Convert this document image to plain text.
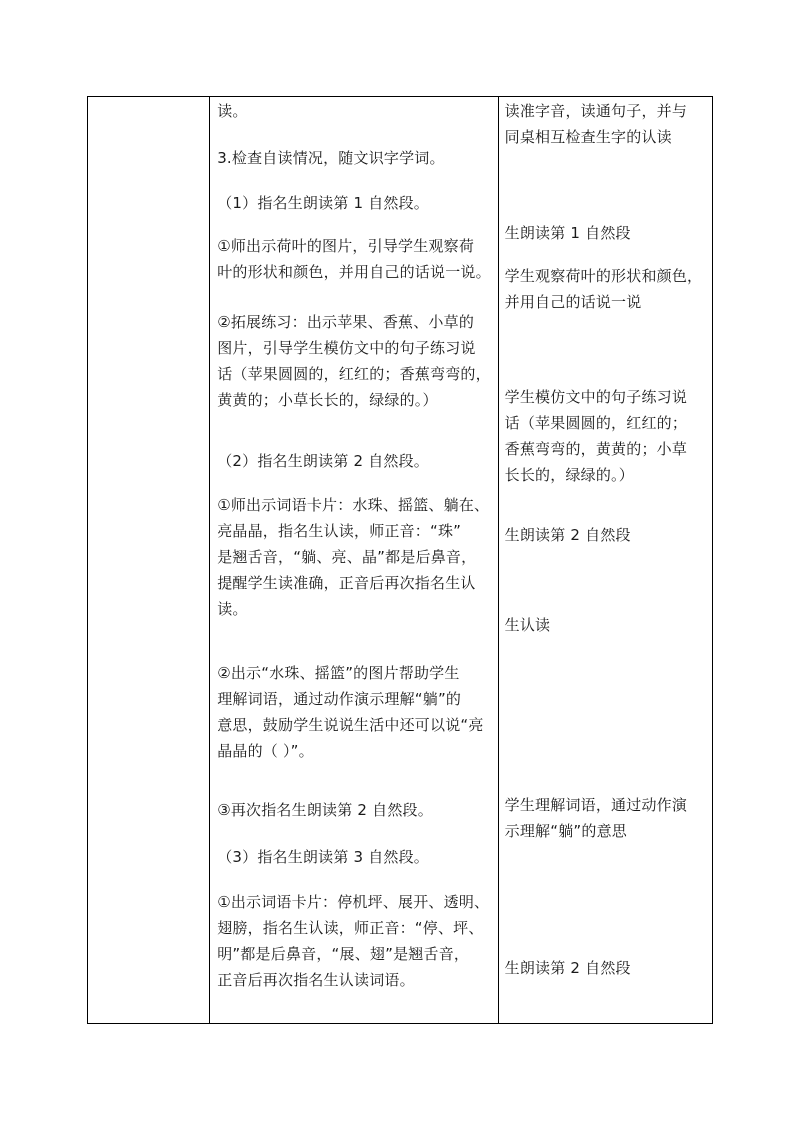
读。
3.检查自读情况，随文识字学词。
（1）指名生朗读第 1 自然段。
①师出示荷叶的图片，引导学生观察荷
叶的形状和颜色，并用自己的话说一说。
②拓展练习：出示苹果、香蕉、小草的
图片，引导学生模仿文中的句子练习说
话（苹果圆圆的，红红的；香蕉弯弯的，
黄黄的；小草长长的，绿绿的。）
（2）指名生朗读第 2 自然段。
①师出示词语卡片：水珠、摇篮、躺在、
亮晶晶，指名生认读，师正音：“珠”
是翘舌音，“躺、亮、晶”都是后鼻音，
提醒学生读准确，正音后再次指名生认
读。
②出示“水珠、摇篮”的图片帮助学生
理解词语，通过动作演示理解“躺”的
意思，鼓励学生说说生活中还可以说“亮
晶晶的（ ）”。
③再次指名生朗读第 2 自然段。
（3）指名生朗读第 3 自然段。
①出示词语卡片：停机坪、展开、透明、
翅膀，指名生认读，师正音：“停、坪、
明”都是后鼻音，“展、翅”是翘舌音，
正音后再次指名生认读词语。

读准字音，读通句子，并与
同桌相互检查生字的认读
生朗读第 1 自然段
学生观察荷叶的形状和颜色，
并用自己的话说一说
学生模仿文中的句子练习说
话（苹果圆圆的，红红的；
香蕉弯弯的，黄黄的；小草
长长的，绿绿的。）
生朗读第 2 自然段
生认读
学生理解词语，通过动作演
示理解“躺”的意思
生朗读第 2 自然段
